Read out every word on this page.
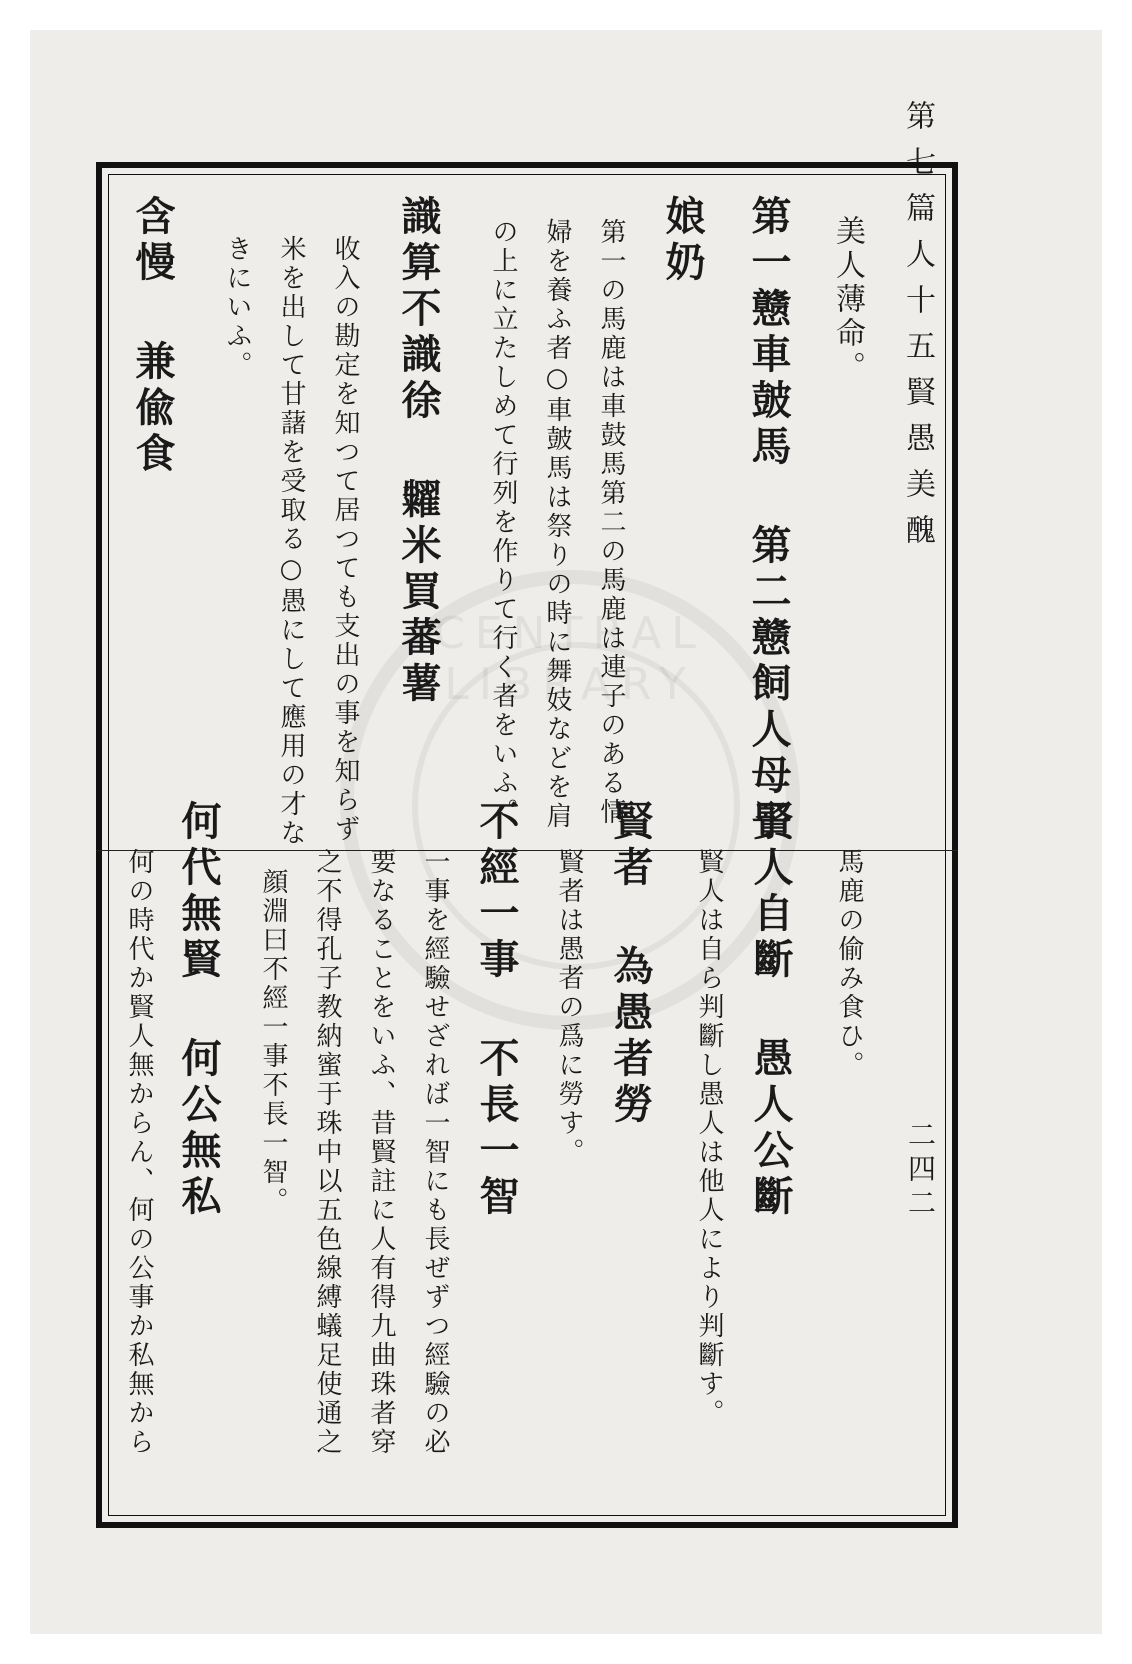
CENTRAL LIBRARY
第七篇人十五賢愚美醜
二四二
美人薄命。
第一戆車皷馬 第二戆飼人母子
娘奶
第一の馬鹿は車鼓馬第二の馬鹿は連子のある情
婦を養ふ者○車皷馬は祭りの時に舞妓などを肩
の上に立たしめて行列を作りて行く者をいふ。
識算不識徐 糶米買蕃薯
收入の勘定を知つて居つても支出の事を知らず
米を出して甘藷を受取る○愚にして應用の才な
きにいふ。
含慢 兼偸食
馬鹿の偷み食ひ。
賢人自斷 愚人公斷
賢人は自ら判斷し愚人は他人により判斷す。
賢者 為愚者勞
賢者は愚者の爲に勞す。
不經一事 不長一智
一事を經驗せざれば一智にも長ぜずつ經驗の必
要なることをいふ、昔賢註に人有得九曲珠者穿
之不得孔子教納蜜于珠中以五色線縛蟻足使通之
顔淵曰不經一事不長一智。
何代無賢 何公無私
何の時代か賢人無からん、何の公事か私無から
